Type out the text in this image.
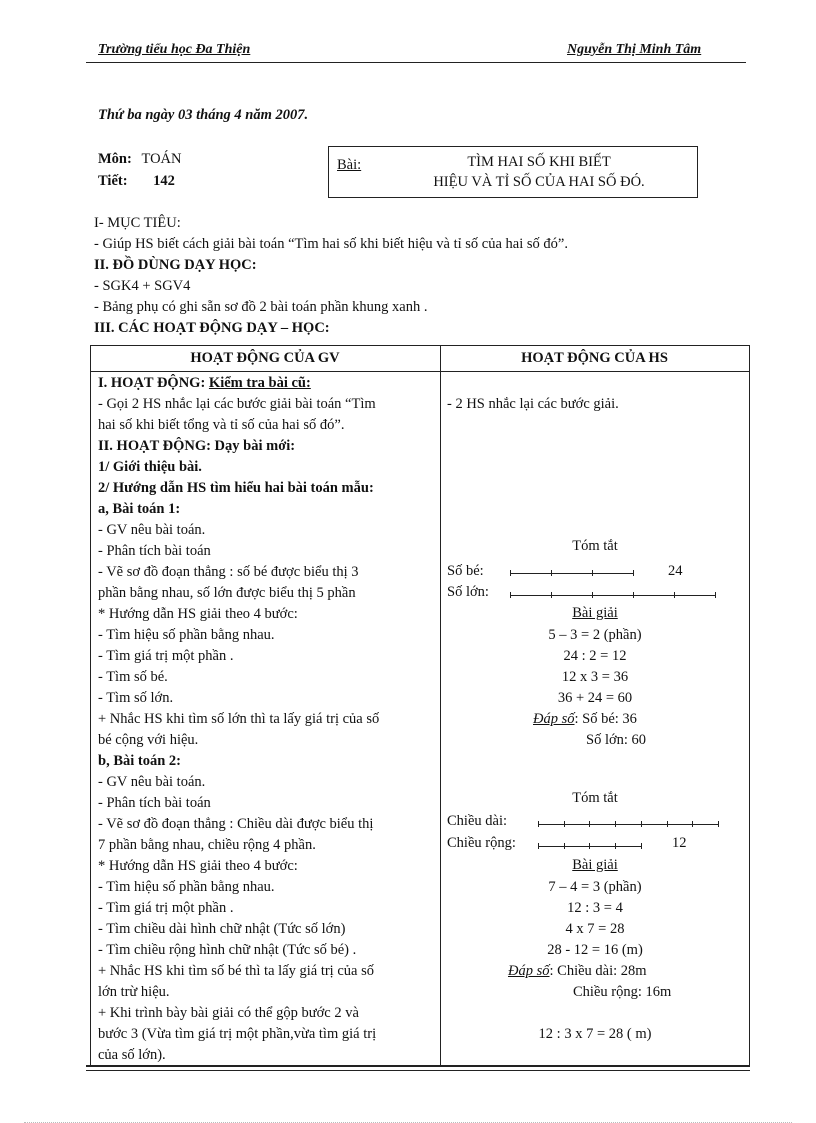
Trường tiểu học Đa Thiện	Nguyễn Thị Minh Tâm
Thứ ba ngày 03 tháng 4 năm 2007.
Môn: TOÁN
Tiết: 142
Bài:	TÌM HAI SỐ KHI BIẾT
HIỆU VÀ TỈ SỐ CỦA HAI SỐ ĐÓ.
I- MỤC TIÊU:
- Giúp HS biết cách giải bài toán “Tìm hai số khi biết hiệu và tỉ số của hai số đó”.
II. ĐỒ DÙNG DẠY HỌC:
- SGK4 + SGV4
- Bảng phụ có ghi sẵn sơ đồ 2 bài toán phần khung xanh .
III. CÁC HOẠT ĐỘNG DẠY – HỌC:
HOẠT ĐỘNG CỦA GV	HOẠT ĐỘNG CỦA HS
I. HOẠT ĐỘNG: Kiểm tra bài cũ:
- Gọi 2 HS nhắc lại các bước giải bài toán “Tìm
hai số khi biết tổng và tỉ số của hai số đó”.
II. HOẠT ĐỘNG: Dạy bài mới:
1/ Giới thiệu bài.
2/ Hướng dẫn HS tìm hiểu hai bài toán mẫu:
a, Bài toán 1:
- GV nêu bài toán.
- Phân tích bài toán
- Vẽ sơ đồ đoạn thẳng : số bé được biểu thị 3
phần bằng nhau, số lớn được biểu thị 5 phần
* Hướng dẫn HS giải theo 4 bước:
- Tìm hiệu số phần bằng nhau.
- Tìm giá trị một phần .
- Tìm số bé.
- Tìm số lớn.
+ Nhắc HS khi tìm số lớn thì ta lấy giá trị của số
bé cộng với hiệu.
b, Bài toán 2:
- GV nêu bài toán.
- Phân tích bài toán
- Vẽ sơ đồ đoạn thẳng : Chiều dài được biểu thị
7 phần bằng nhau, chiều rộng 4 phần.
* Hướng dẫn HS giải theo 4 bước:
- Tìm hiệu số phần bằng nhau.
- Tìm giá trị một phần .
- Tìm chiều dài hình chữ nhật (Tức số lớn)
- Tìm chiều rộng hình chữ nhật (Tức số bé) .
+ Nhắc HS khi tìm số bé thì ta lấy giá trị của số
lớn trừ hiệu.
+ Khi trình bày bài giải có thể gộp bước 2 và
bước 3 (Vừa tìm giá trị một phần,vừa tìm giá trị
của số lớn).
- 2 HS nhắc lại các bước giải.
Tóm tắt
Số bé:	24
Số lớn:
Bài giải
5 – 3 = 2 (phần)
24 : 2 = 12
12 x 3 = 36
36 + 24 = 60
Đáp số: Số bé: 36
Số lớn: 60
Tóm tắt
Chiều dài:
Chiều rộng:	12
Bài giải
7 – 4 = 3 (phần)
12 : 3 = 4
4 x 7 = 28
28 - 12 = 16 (m)
Đáp số: Chiều dài: 28m
Chiều rộng: 16m
12 : 3 x 7 = 28 ( m)
